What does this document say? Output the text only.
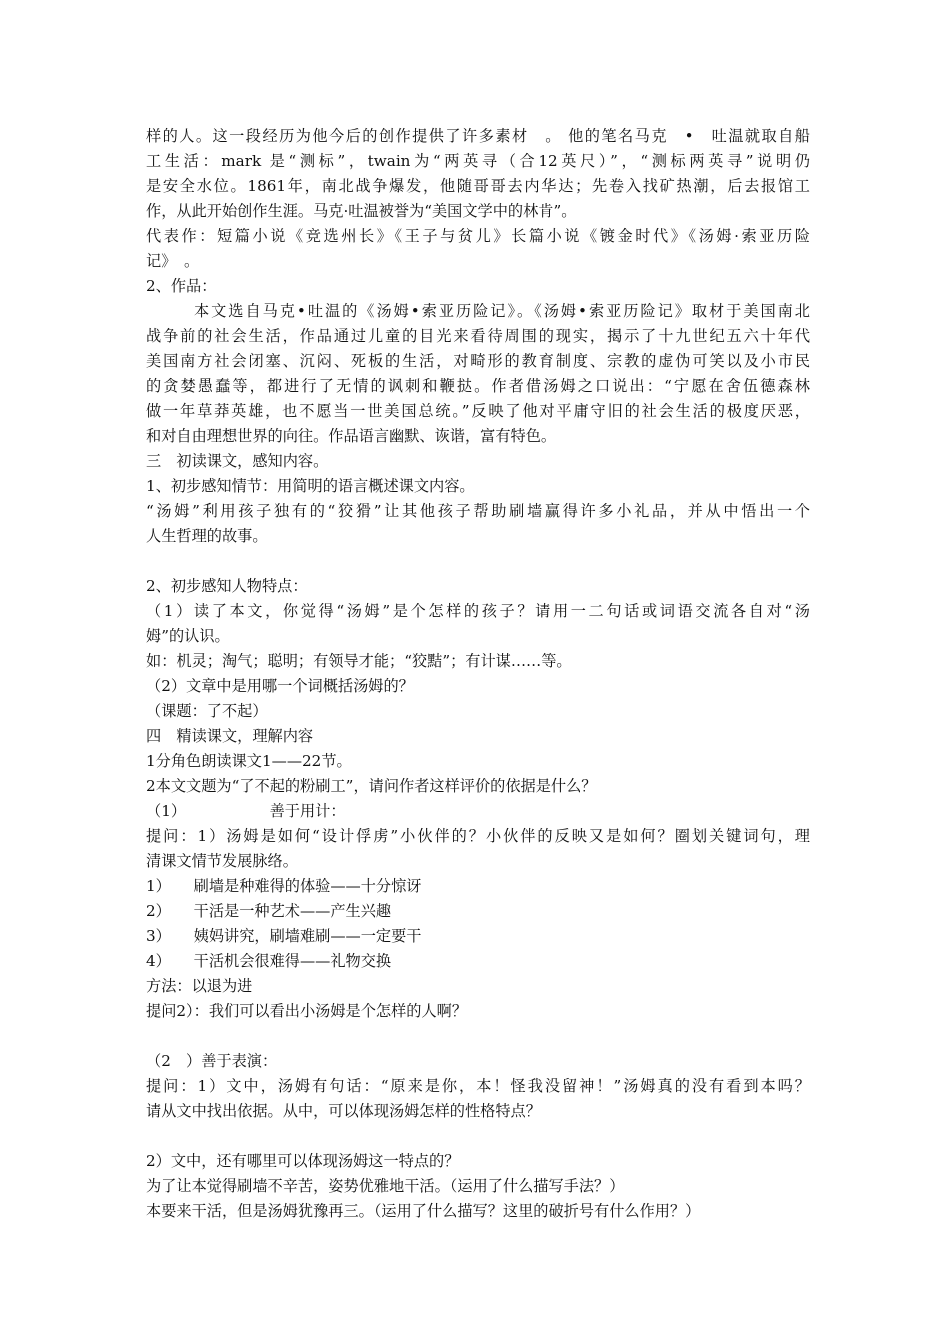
样的人。这一段经历为他今后的创作提供了许多素材　。 他的笔名马克　•　吐温就取自船
工生活：mark 是“测标”，twain为“两英寻（合12英尺）”，“测标两英寻”说明仍
是安全水位。1861年，南北战争爆发，他随哥哥去内华达；先卷入找矿热潮，后去报馆工
作，从此开始创作生涯。马克·吐温被誉为“美国文学中的林肯”。
代表作：短篇小说《竞选州长》《王子与贫儿》长篇小说《镀金时代》《汤姆·索亚历险
记》　。
2、作品：
本文选自马克•吐温的《汤姆•索亚历险记》。《汤姆•索亚历险记》取材于美国南北
战争前的社会生活，作品通过儿童的目光来看待周围的现实，揭示了十九世纪五六十年代
美国南方社会闭塞、沉闷、死板的生活，对畸形的教育制度、宗教的虚伪可笑以及小市民
的贪婪愚蠢等，都进行了无情的讽刺和鞭挞。作者借汤姆之口说出：“宁愿在舍伍德森林
做一年草莽英雄，也不愿当一世美国总统。”反映了他对平庸守旧的社会生活的极度厌恶，
和对自由理想世界的向往。作品语言幽默、诙谐，富有特色。
三　初读课文，感知内容。
1、初步感知情节：用简明的语言概述课文内容。
“汤姆”利用孩子独有的“狡猾”让其他孩子帮助刷墙赢得许多小礼品，并从中悟出一个
人生哲理的故事。
2、初步感知人物特点：
（1）读了本文，你觉得“汤姆”是个怎样的孩子？请用一二句话或词语交流各自对“汤
姆”的认识。
如：机灵；淘气；聪明；有领导才能；“狡黠”；有计谋……等。
（2）文章中是用哪一个词概括汤姆的？
（课题：了不起）
四　精读课文，理解内容
1分角色朗读课文1——22节。
2本文文题为“了不起的粉刷工”，请问作者这样评价的依据是什么？
（1）　　　　　　善于用计：
提问：1）汤姆是如何“设计俘虏”小伙伴的？小伙伴的反映又是如何？圈划关键词句，理
清课文情节发展脉络。
1）　　刷墙是种难得的体验——十分惊讶
2）　　干活是一种艺术——产生兴趣
3）　　姨妈讲究，刷墙难刷——一定要干
4）　　干活机会很难得——礼物交换
方法：以退为进
提问2）：我们可以看出小汤姆是个怎样的人啊？
（2　）善于表演：
提问：1）文中，汤姆有句话：“原来是你，本！怪我没留神！”汤姆真的没有看到本吗？
请从文中找出依据。从中，可以体现汤姆怎样的性格特点？
2）文中，还有哪里可以体现汤姆这一特点的？
为了让本觉得刷墙不辛苦，姿势优雅地干活。（运用了什么描写手法？）
本要来干活，但是汤姆犹豫再三。（运用了什么描写？这里的破折号有什么作用？）
